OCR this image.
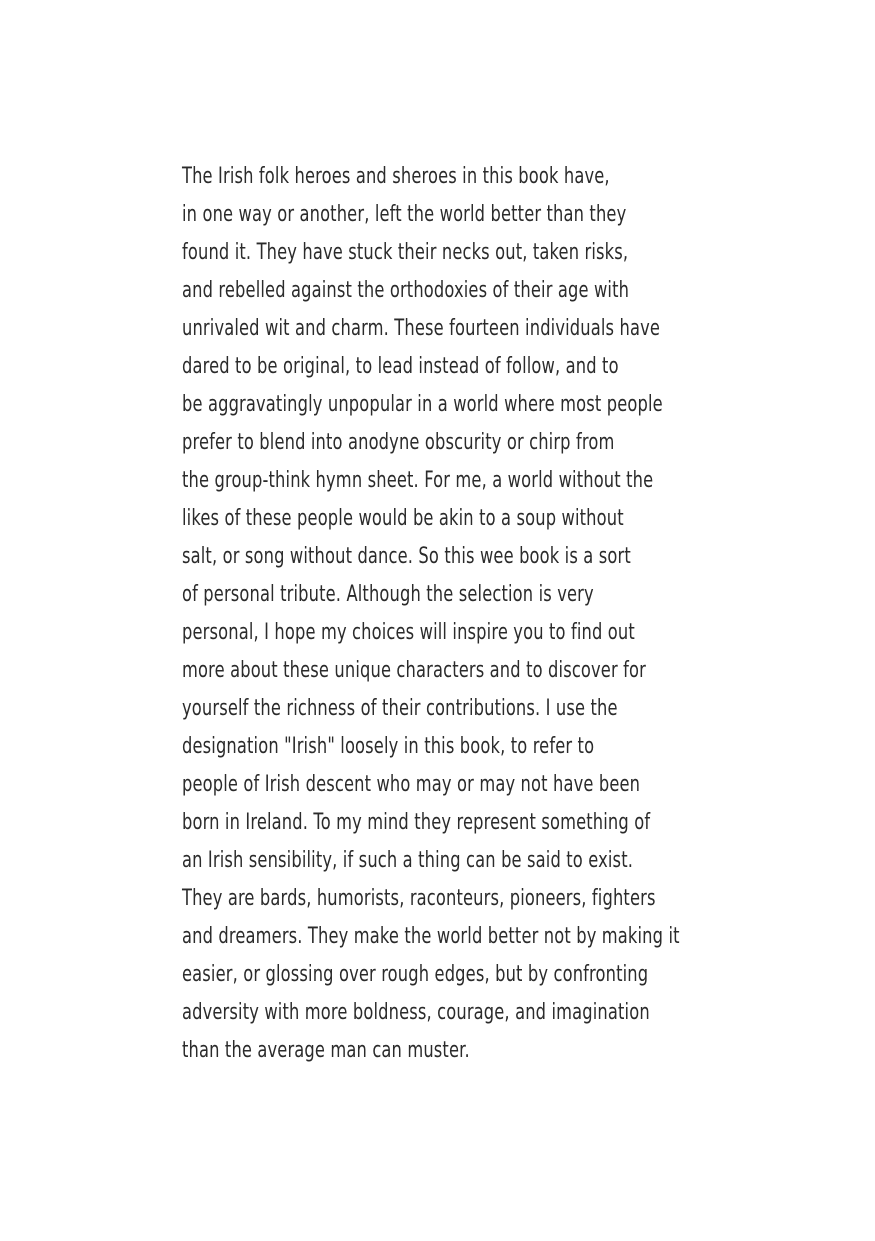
The Irish folk heroes and sheroes in this book have,
in one way or another, left the world better than they
found it. They have stuck their necks out, taken risks,
and rebelled against the orthodoxies of their age with
unrivaled wit and charm. These fourteen individuals have
dared to be original, to lead instead of follow, and to
be aggravatingly unpopular in a world where most people
prefer to blend into anodyne obscurity or chirp from
the group-think hymn sheet. For me, a world without the
likes of these people would be akin to a soup without
salt, or song without dance. So this wee book is a sort
of personal tribute. Although the selection is very
personal, I hope my choices will inspire you to find out
more about these unique characters and to discover for
yourself the richness of their contributions. I use the
designation "Irish" loosely in this book, to refer to
people of Irish descent who may or may not have been
born in Ireland. To my mind they represent something of
an Irish sensibility, if such a thing can be said to exist.
They are bards, humorists, raconteurs, pioneers, fighters
and dreamers. They make the world better not by making it
easier, or glossing over rough edges, but by confronting
adversity with more boldness, courage, and imagination
than the average man can muster.
